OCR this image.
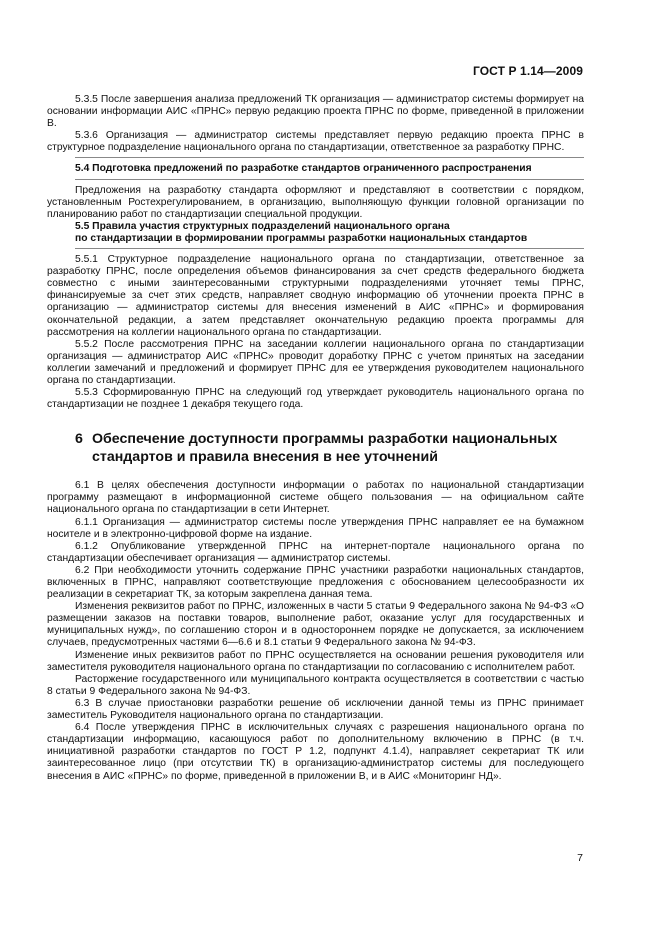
ГОСТ Р 1.14—2009

5.3.5 После завершения анализа предложений ТК организация — администратор системы формирует на основании информации АИС «ПРНС» первую редакцию проекта ПРНС по форме, приведенной в приложении В.

5.3.6 Организация — администратор системы представляет первую редакцию проекта ПРНС в структурное подразделение национального органа по стандартизации, ответственное за разработку ПРНС.

5.4 Подготовка предложений по разработке стандартов ограниченного распространения

Предложения на разработку стандарта оформляют и представляют в соответствии с порядком, установленным Ростехрегулированием, в организацию, выполняющую функции головной организации по планированию работ по стандартизации специальной продукции.

5.5 Правила участия структурных подразделений национального органа

по стандартизации в формировании программы разработки национальных стандартов

5.5.1 Структурное подразделение национального органа по стандартизации, ответственное за разработку ПРНС, после определения объемов финансирования за счет средств федерального бюджета совместно с иными заинтересованными структурными подразделениями уточняет темы ПРНС, финансируемые за счет этих средств, направляет сводную информацию об уточнении проекта ПРНС в организацию — администратор системы для внесения изменений в АИС «ПРНС» и формирования окончательной редакции, а затем представляет окончательную редакцию проекта программы для рассмотрения на коллегии национального органа по стандартизации.

5.5.2 После рассмотрения ПРНС на заседании коллегии национального органа по стандартизации организация — администратор АИС «ПРНС» проводит доработку ПРНС с учетом принятых на заседании коллегии замечаний и предложений и формирует ПРНС для ее утверждения руководителем национального органа по стандартизации.

5.5.3 Сформированную ПРНС на следующий год утверждает руководитель национального органа по стандартизации не позднее 1 декабря текущего года.

6 Обеспечение доступности программы разработки национальных
стандартов и правила внесения в нее уточнений

6.1 В целях обеспечения доступности информации о работах по национальной стандартизации программу размещают в информационной системе общего пользования — на официальном сайте национального органа по стандартизации в сети Интернет.

6.1.1 Организация — администратор системы после утверждения ПРНС направляет ее на бумажном носителе и в электронно-цифровой форме на издание.

6.1.2 Опубликование утвержденной ПРНС на интернет-портале национального органа по стандартизации обеспечивает организация — администратор системы.

6.2 При необходимости уточнить содержание ПРНС участники разработки национальных стандартов, включенных в ПРНС, направляют соответствующие предложения с обоснованием целесообразности их реализации в секретариат ТК, за которым закреплена данная тема.

Изменения реквизитов работ по ПРНС, изложенных в части 5 статьи 9 Федерального закона № 94-ФЗ «О размещении заказов на поставки товаров, выполнение работ, оказание услуг для государственных и муниципальных нужд», по соглашению сторон и в одностороннем порядке не допускается, за исключением случаев, предусмотренных частями 6—6.6 и 8.1 статьи 9 Федерального закона № 94-ФЗ.

Изменение иных реквизитов работ по ПРНС осуществляется на основании решения руководителя или заместителя руководителя национального органа по стандартизации по согласованию с исполнителем работ.

Расторжение государственного или муниципального контракта осуществляется в соответствии с частью 8 статьи 9 Федерального закона № 94-ФЗ.

6.3 В случае приостановки разработки решение об исключении данной темы из ПРНС принимает заместитель Руководителя национального органа по стандартизации.

6.4 После утверждения ПРНС в исключительных случаях с разрешения национального органа по стандартизации информацию, касающуюся работ по дополнительному включению в ПРНС (в т.ч. инициативной разработки стандартов по ГОСТ Р 1.2, подпункт 4.1.4), направляет секретариат ТК или заинтересованное лицо (при отсутствии ТК) в организацию-администратор системы для последующего внесения в АИС «ПРНС» по форме, приведенной в приложении В, и в АИС «Мониторинг НД».

7
